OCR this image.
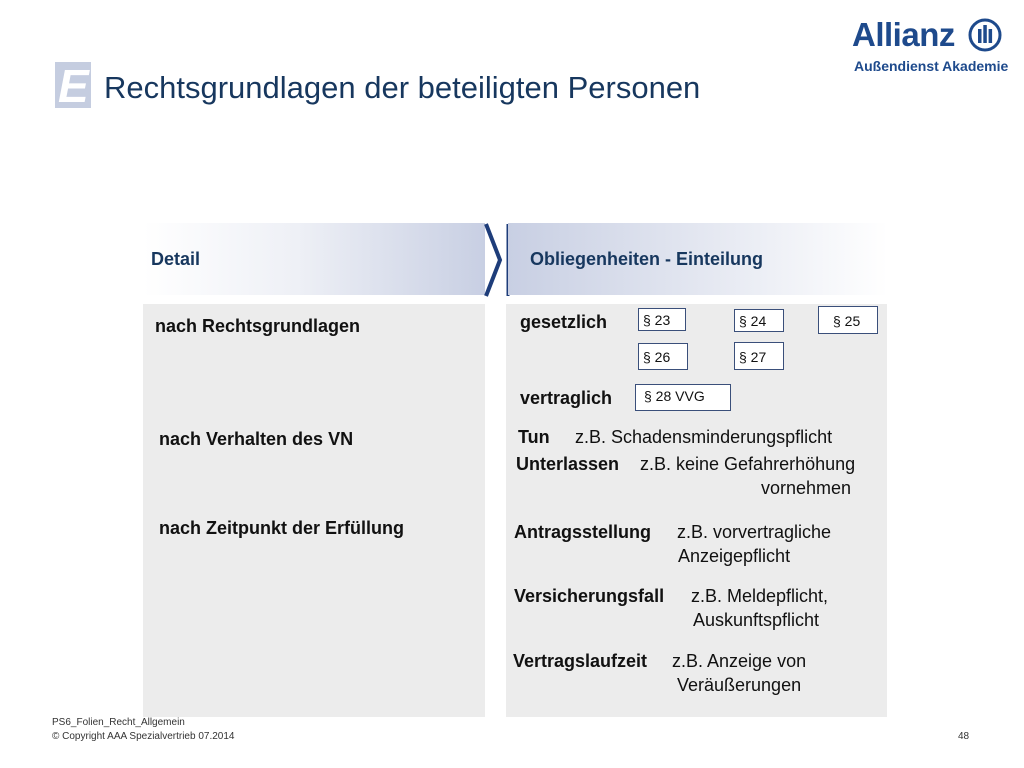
E Rechtsgrundlagen der beteiligten Personen
Allianz
Außendienst Akademie
Detail	Obliegenheiten - Einteilung
nach Rechtsgrundlagen
nach Verhalten des VN
nach Zeitpunkt der Erfüllung
gesetzlich	§ 23	§ 24	§ 25
§ 26	§ 27
vertraglich	§ 28 VVG
Tun z.B. Schadensminderungspflicht
Unterlassen z.B. keine Gefahrerhöhung
vornehmen
Antragsstellung z.B. vorvertragliche
Anzeigepflicht
Versicherungsfall z.B. Meldepflicht,
Auskunftspflicht
Vertragslaufzeit z.B. Anzeige von
Veräußerungen
PS6_Folien_Recht_Allgemein
© Copyright AAA Spezialvertrieb 07.2014	48
